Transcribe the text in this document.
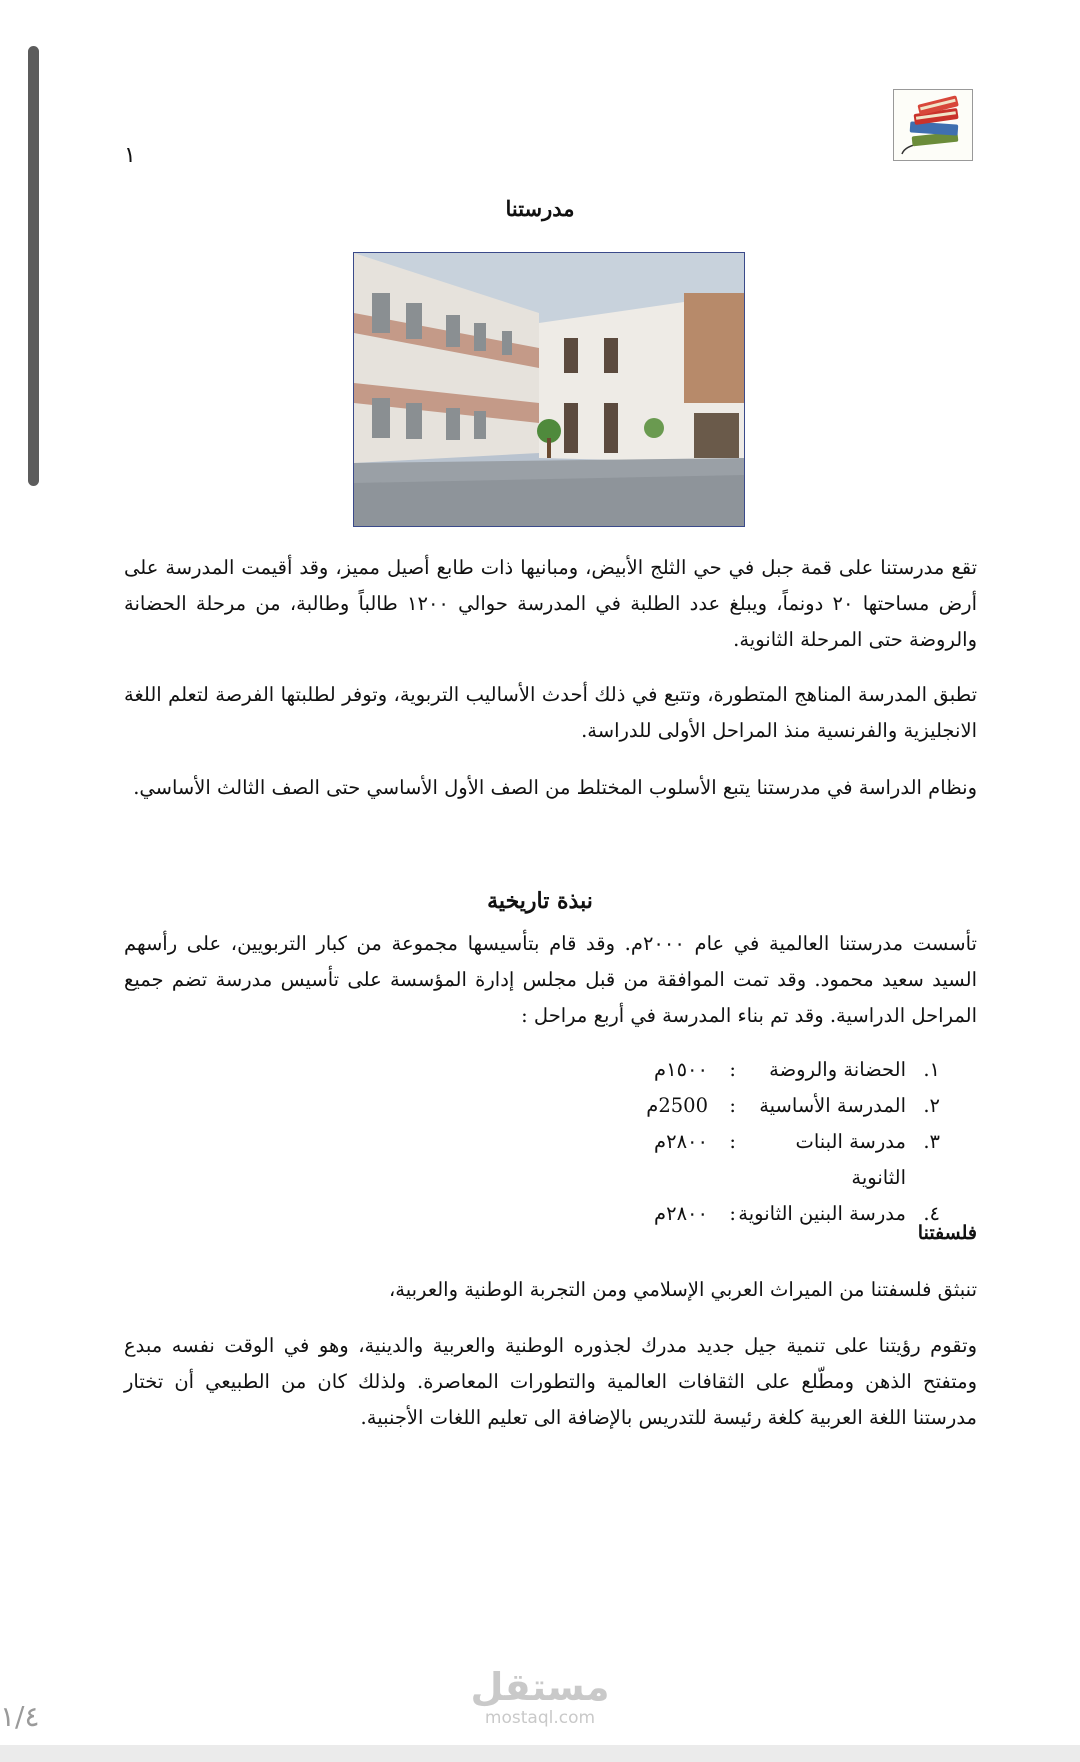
١
مدرستنا
تقع مدرستنا على قمة جبل في حي الثلج الأبيض، ومبانيها ذات طابع أصيل مميز، وقد أقيمت المدرسة على أرض مساحتها ٢٠ دونماً، ويبلغ عدد الطلبة في المدرسة حوالي ١٢٠٠ طالباً وطالبة، من مرحلة الحضانة والروضة حتى المرحلة الثانوية.
تطبق المدرسة المناهج المتطورة، وتتبع في ذلك أحدث الأساليب التربوية، وتوفر لطلبتها الفرصة لتعلم اللغة الانجليزية والفرنسية منذ المراحل الأولى للدراسة.
ونظام الدراسة في مدرستنا يتبع الأسلوب المختلط من الصف الأول الأساسي حتى الصف الثالث الأساسي.
نبذة تاريخية
تأسست مدرستنا العالمية في عام ٢٠٠٠م. وقد قام بتأسيسها مجموعة من كبار التربويين، على رأسهم السيد سعيد محمود. وقد تمت الموافقة من قبل مجلس إدارة المؤسسة على تأسيس مدرسة تضم جميع المراحل الدراسية. وقد تم بناء المدرسة في أربع مراحل :
١.
الحضانة والروضة
:
١٥٠٠م
٢.
المدرسة الأساسية
:
2500م
٣.
مدرسة البنات الثانوية
:
٢٨٠٠م
٤.
مدرسة البنين الثانوية
:
٢٨٠٠م
فلسفتنا
تنبثق فلسفتنا من الميراث العربي الإسلامي ومن التجربة الوطنية والعربية،
وتقوم رؤيتنا على تنمية جيل جديد مدرك لجذوره الوطنية والعربية والدينية، وهو في الوقت نفسه مبدع ومتفتح الذهن ومطّلع على الثقافات العالمية والتطورات المعاصرة. ولذلك كان من الطبيعي أن تختار مدرستنا اللغة العربية كلغة رئيسة للتدريس بالإضافة الى تعليم اللغات الأجنبية.
مستقل
mostaql.com
١/٤
